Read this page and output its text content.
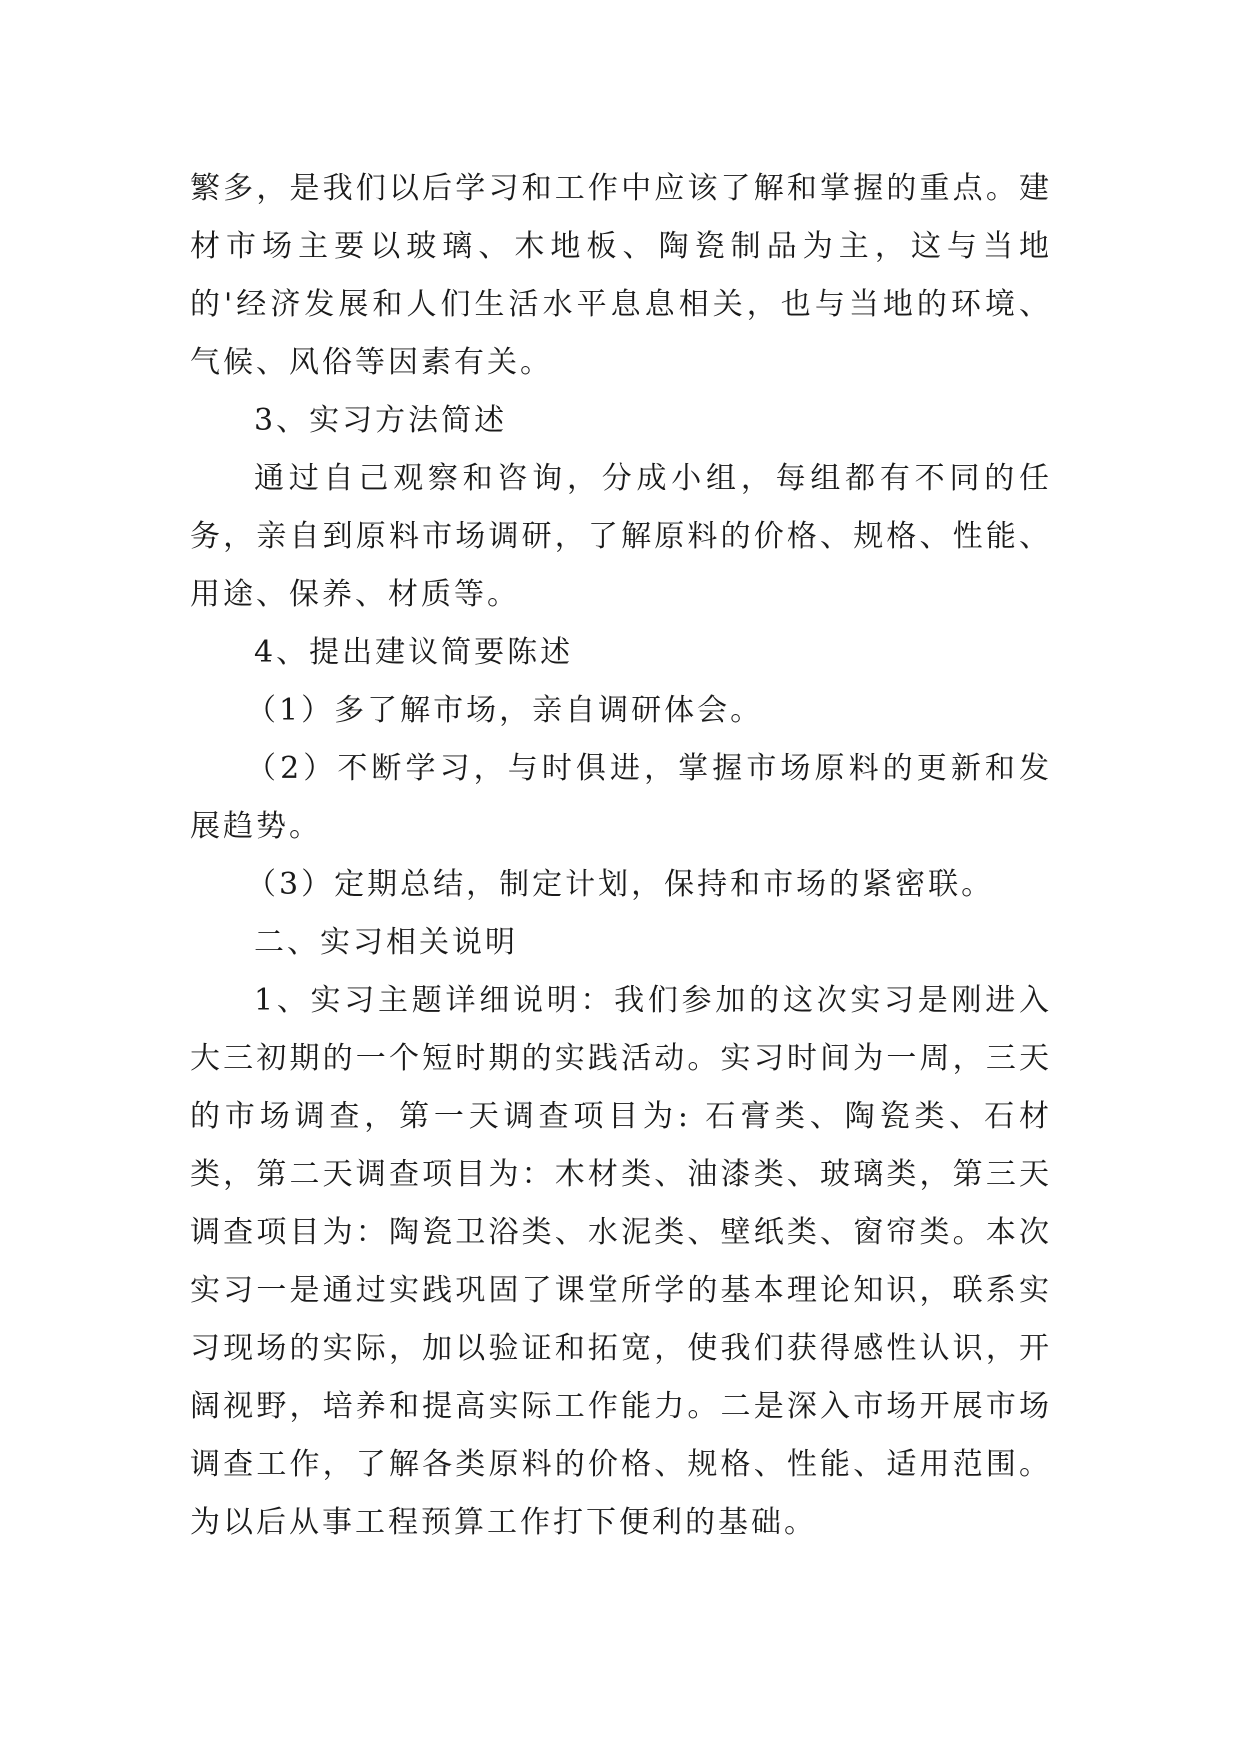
繁多，是我们以后学习和工作中应该了解和掌握的重点。建材市场主要以玻璃、木地板、陶瓷制品为主，这与当地的'经济发展和人们生活水平息息相关，也与当地的环境、气候、风俗等因素有关。

3、实习方法简述

通过自己观察和咨询，分成小组，每组都有不同的任务，亲自到原料市场调研，了解原料的价格、规格、性能、用途、保养、材质等。

4、提出建议简要陈述

（1）多了解市场，亲自调研体会。

（2）不断学习，与时俱进，掌握市场原料的更新和发展趋势。

（3）定期总结，制定计划，保持和市场的紧密联。

二、实习相关说明

1、实习主题详细说明：我们参加的这次实习是刚进入大三初期的一个短时期的实践活动。实习时间为一周，三天的市场调查，第一天调查项目为: 石膏类、陶瓷类、石材类，第二天调查项目为：木材类、油漆类、玻璃类，第三天调查项目为：陶瓷卫浴类、水泥类、壁纸类、窗帘类。本次实习一是通过实践巩固了课堂所学的基本理论知识，联系实习现场的实际，加以验证和拓宽，使我们获得感性认识，开阔视野，培养和提高实际工作能力。二是深入市场开展市场调查工作，了解各类原料的价格、规格、性能、适用范围。为以后从事工程预算工作打下便利的基础。
